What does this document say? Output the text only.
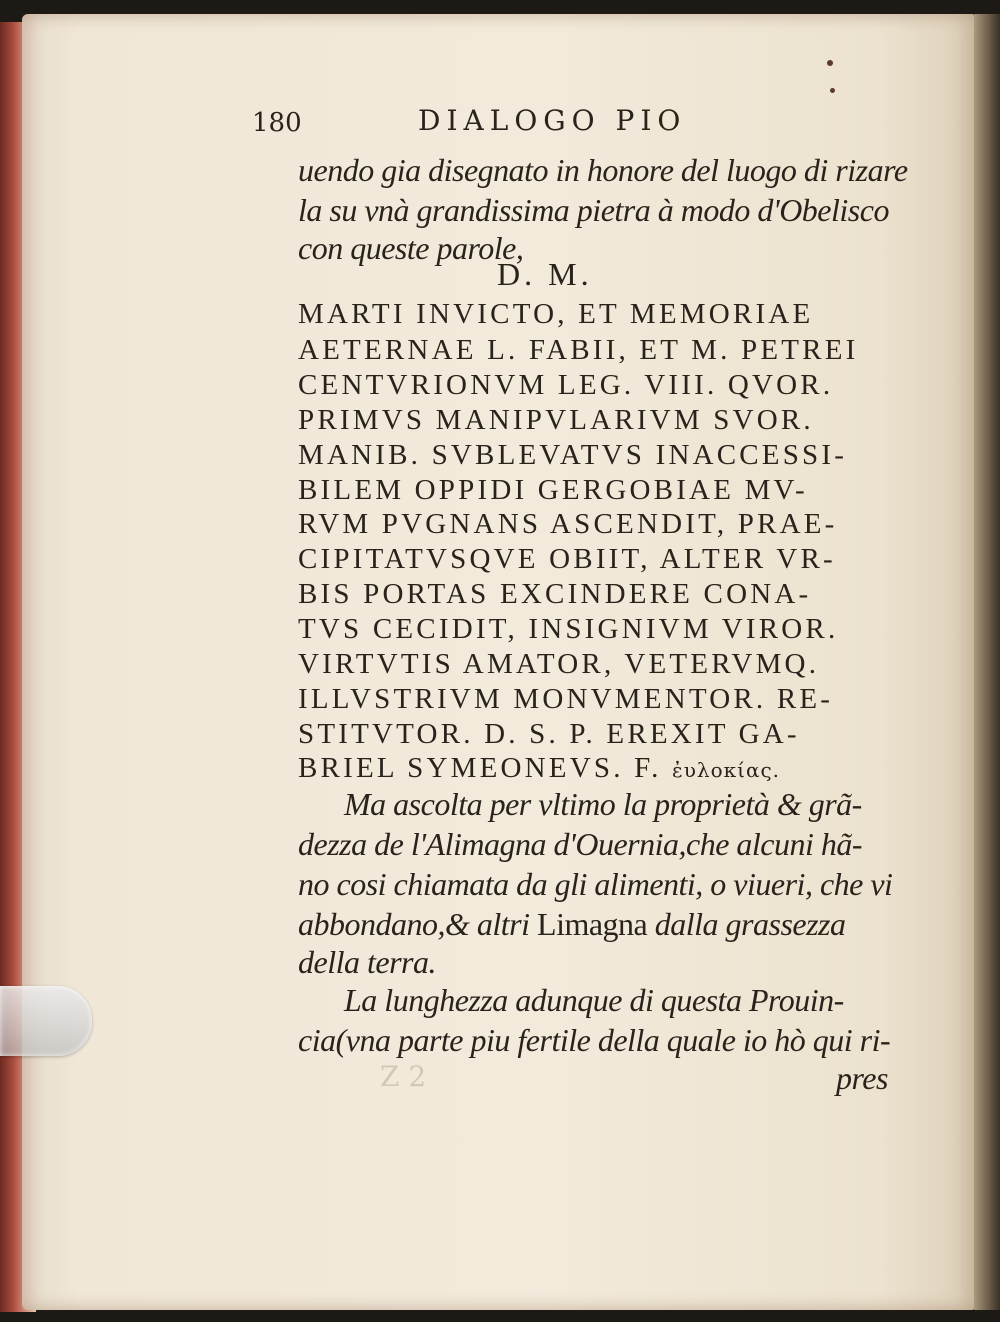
180	DIALOGO PIO

uendo gia disegnato in honore del luogo di rizare

la su vnà grandissima pietra à modo d'Obelisco

con queste parole,

D. M.

MARTI INVICTO, ET MEMORIAE

AETERNAE L. FABII, ET M. PETREI

CENTVRIONVM LEG. VIII. QVOR.

PRIMVS MANIPVLARIVM SVOR.

MANIB. SVBLEVATVS INACCESSI-

BILEM OPPIDI GERGOBIAE MV-

RVM PVGNANS ASCENDIT, PRAE-

CIPITATVSQVE OBIIT, ALTER VR-

BIS PORTAS EXCINDERE CONA-

TVS CECIDIT, INSIGNIVM VIROR.

VIRTVTIS AMATOR, VETERVMQ.

ILLVSTRIVM MONVMENTOR. RE-

STITVTOR. D. S. P. EREXIT GA-

BRIEL SYMEONEVS. F. ἐυλοκίας.

Ma ascolta per vltimo la proprietà & grã-

dezza de l'Alimagna d'Ouernia,che alcuni hã-

no cosi chiamata da gli alimenti, o viueri, che vi

abbondano,& altri Limagna dalla grassezza

della terra.

La lunghezza adunque di questa Prouin-

cia(vna parte piu fertile della quale io hò qui ri-

pres

Z 2
